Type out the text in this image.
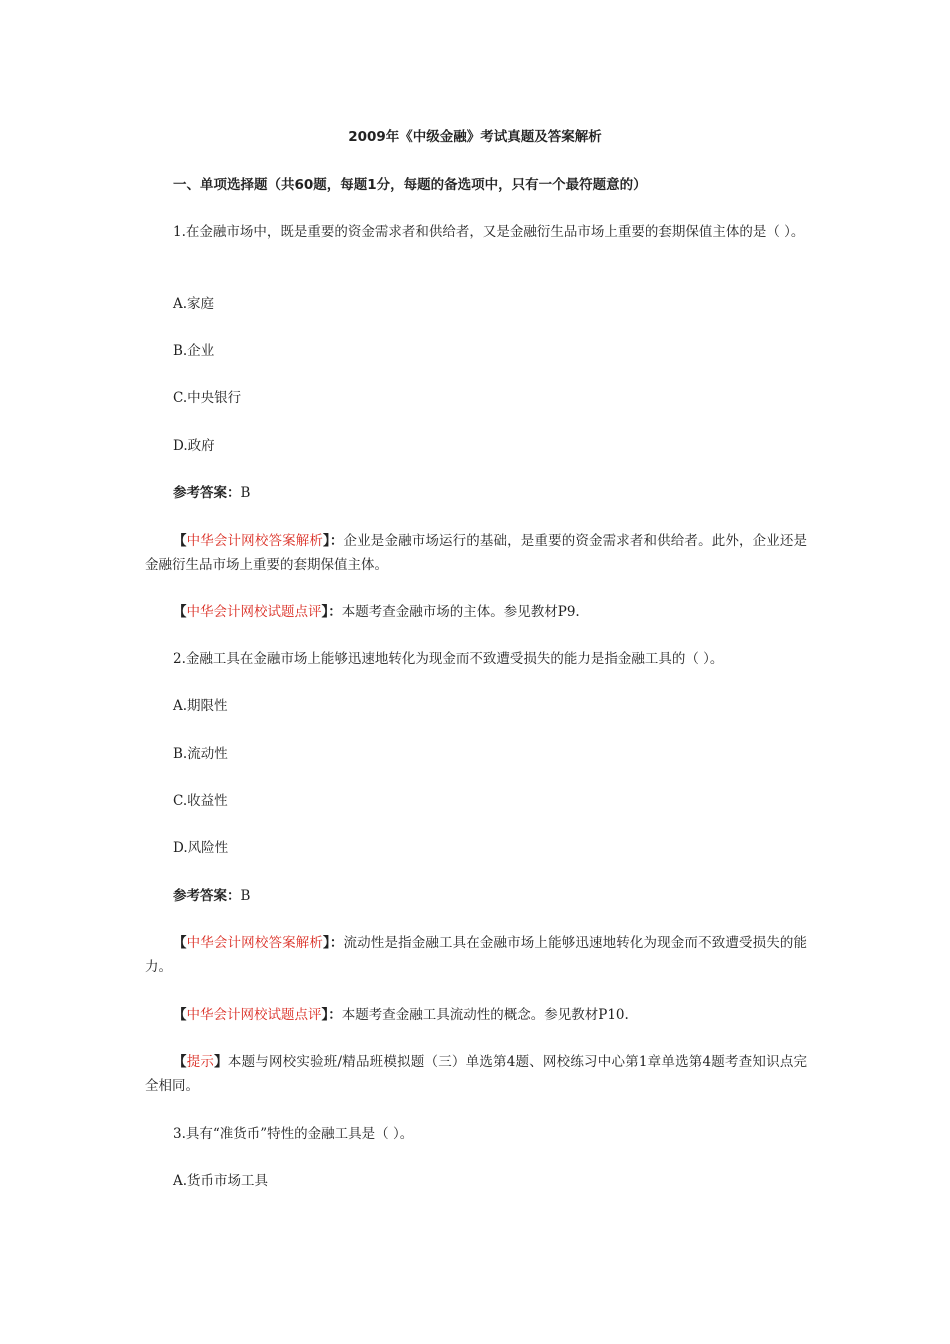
2009年《中级金融》考试真题及答案解析
一、单项选择题（共60题，每题1分，每题的备选项中，只有一个最符题意的）
1.在金融市场中，既是重要的资金需求者和供给者，又是金融衍生品市场上重要的套期保值主体的是（ ）。
A.家庭
B.企业
C.中央银行
D.政府
参考答案：B
【中华会计网校答案解析】：企业是金融市场运行的基础，是重要的资金需求者和供给者。此外，企业还是金融衍生品市场上重要的套期保值主体。
【中华会计网校试题点评】：本题考查金融市场的主体。参见教材P9.
2.金融工具在金融市场上能够迅速地转化为现金而不致遭受损失的能力是指金融工具的（ ）。
A.期限性
B.流动性
C.收益性
D.风险性
参考答案：B
【中华会计网校答案解析】：流动性是指金融工具在金融市场上能够迅速地转化为现金而不致遭受损失的能力。
【中华会计网校试题点评】：本题考查金融工具流动性的概念。参见教材P10.
【提示】本题与网校实验班/精品班模拟题（三）单选第4题、网校练习中心第1章单选第4题考查知识点完全相同。
3.具有“准货币”特性的金融工具是（ ）。
A.货币市场工具
